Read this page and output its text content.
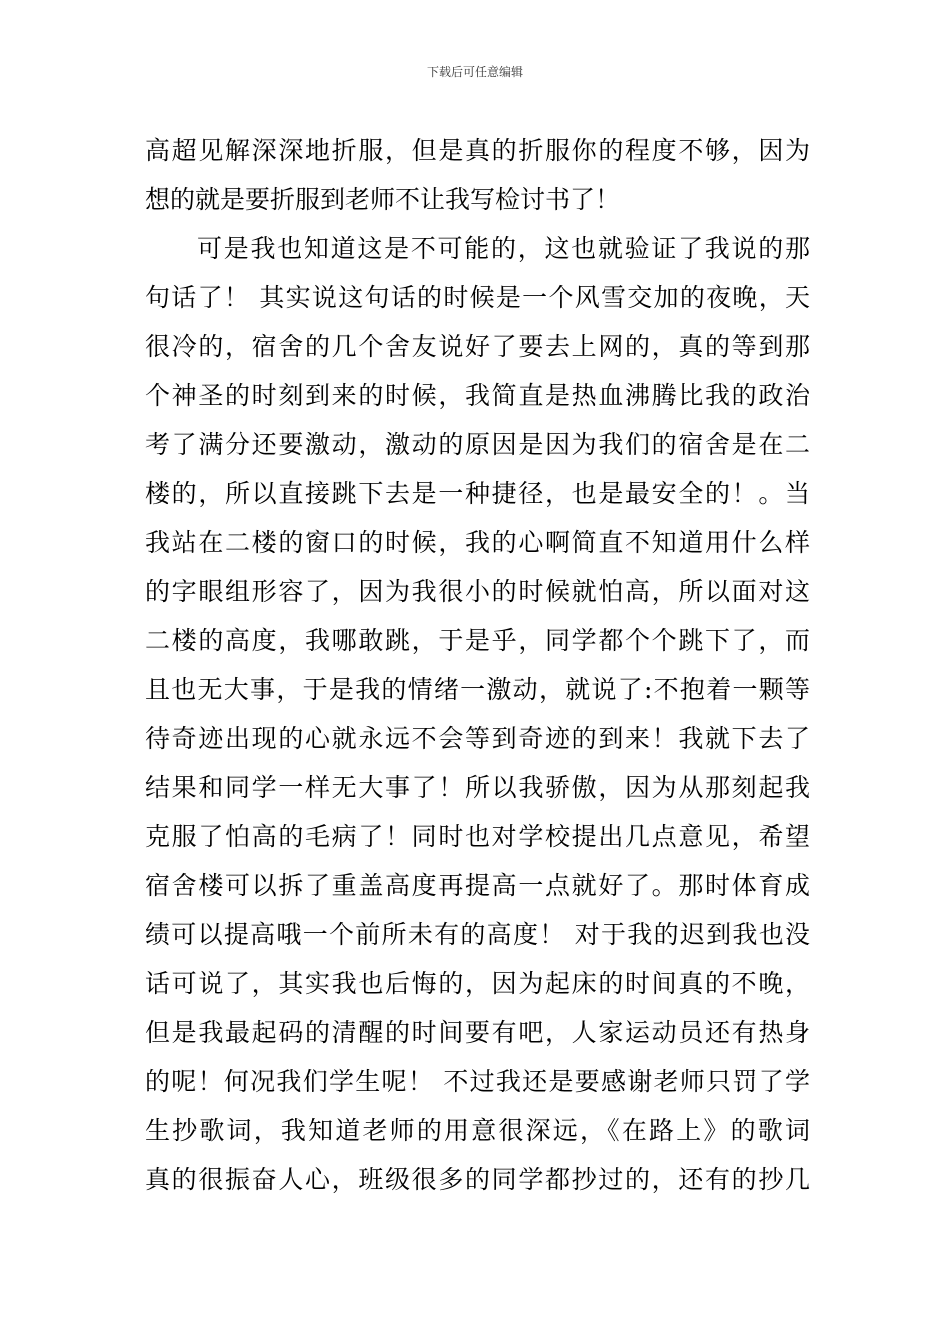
下载后可任意编辑
高超见解深深地折服，但是真的折服你的程度不够，因为
想的就是要折服到老师不让我写检讨书了！
可是我也知道这是不可能的，这也就验证了我说的那
句话了！ 其实说这句话的时候是一个风雪交加的夜晚，天
很冷的，宿舍的几个舍友说好了要去上网的，真的等到那
个神圣的时刻到来的时候，我简直是热血沸腾比我的政治
考了满分还要激动，激动的原因是因为我们的宿舍是在二
楼的，所以直接跳下去是一种捷径，也是最安全的！。当
我站在二楼的窗口的时候，我的心啊简直不知道用什么样
的字眼组形容了，因为我很小的时候就怕高，所以面对这
二楼的高度，我哪敢跳，于是乎，同学都个个跳下了，而
且也无大事，于是我的情绪一激动，就说了:不抱着一颗等
待奇迹出现的心就永远不会等到奇迹的到来！我就下去了
结果和同学一样无大事了！所以我骄傲，因为从那刻起我
克服了怕高的毛病了！同时也对学校提出几点意见，希望
宿舍楼可以拆了重盖高度再提高一点就好了。那时体育成
绩可以提高哦一个前所未有的高度！ 对于我的迟到我也没
话可说了，其实我也后悔的，因为起床的时间真的不晚，
但是我最起码的清醒的时间要有吧，人家运动员还有热身
的呢！何况我们学生呢！ 不过我还是要感谢老师只罚了学
生抄歌词，我知道老师的用意很深远，《在路上》的歌词
真的很振奋人心，班级很多的同学都抄过的，还有的抄几
